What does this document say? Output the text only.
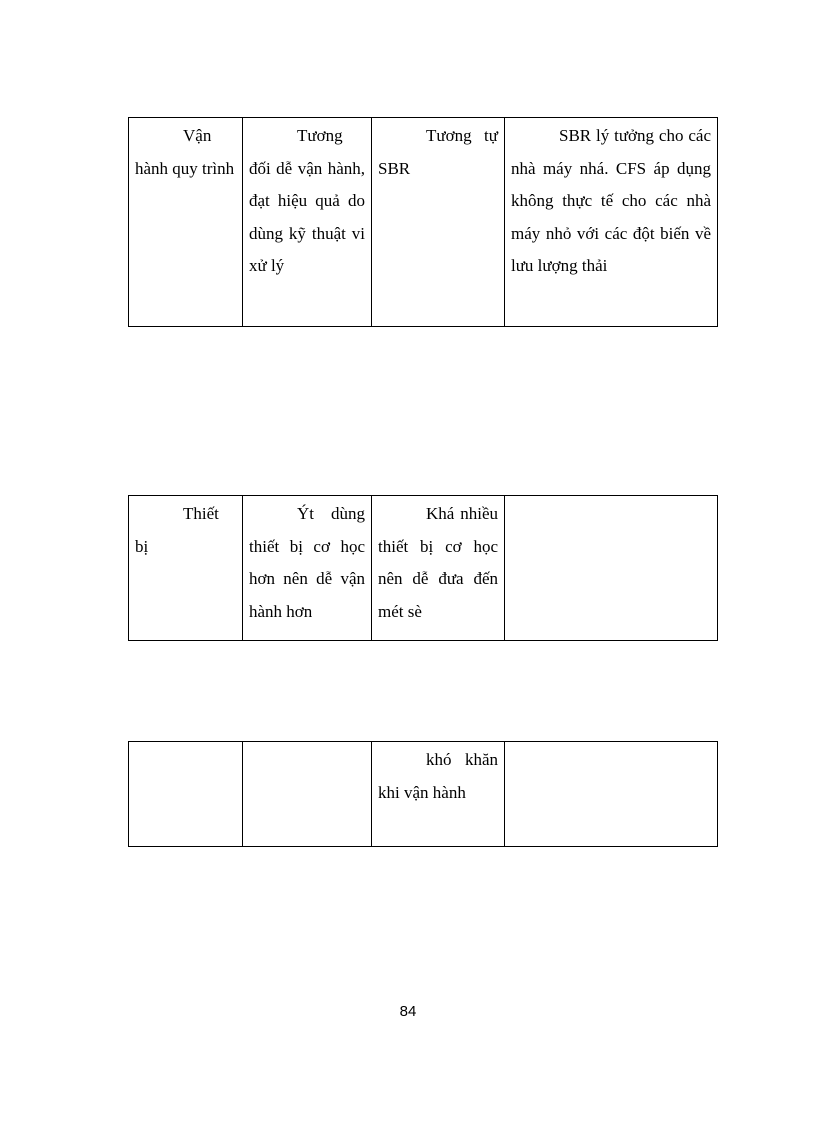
Vận hành quy trình	Tương đối dễ vận hành, đạt hiệu quả do dùng kỹ thuật vi xử lý	Tương tự SBR	SBR lý tưởng cho các nhà máy nhá. CFS áp dụng không thực tế cho các nhà máy nhỏ với các đột biến về lưu lượng thải
Thiết bị	Ýt dùng thiết bị cơ học hơn nên dễ vận hành hơn	Khá nhiều thiết bị cơ học nên dễ đưa đến mét sè	
		khó khăn khi vận hành	
84
